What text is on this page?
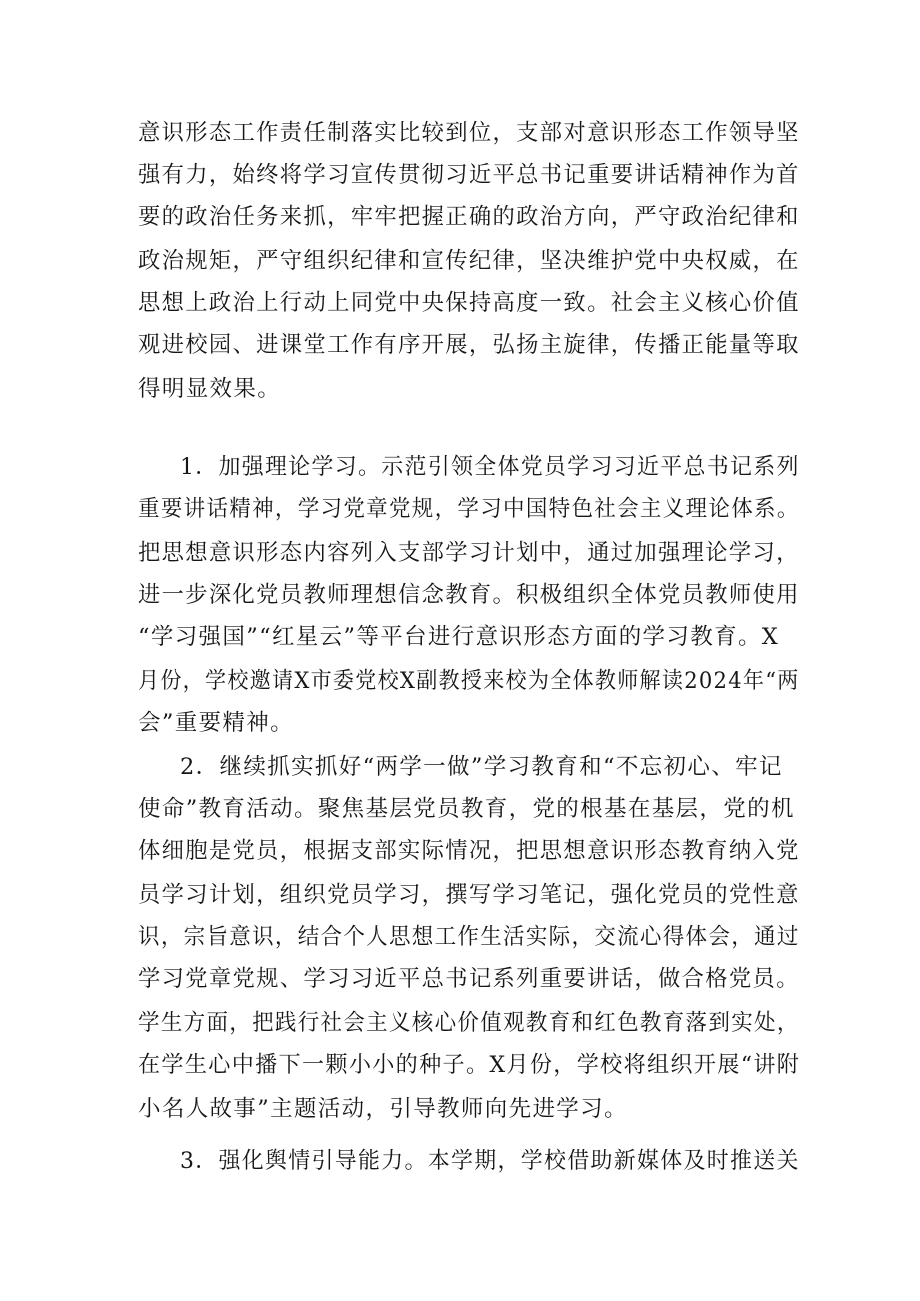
意识形态工作责任制落实比较到位，支部对意识形态工作领导坚
强有力，始终将学习宣传贯彻习近平总书记重要讲话精神作为首
要的政治任务来抓，牢牢把握正确的政治方向，严守政治纪律和
政治规矩，严守组织纪律和宣传纪律，坚决维护党中央权威，在
思想上政治上行动上同党中央保持高度一致。社会主义核心价值
观进校园、进课堂工作有序开展，弘扬主旋律，传播正能量等取
得明显效果。
1．加强理论学习。示范引领全体党员学习习近平总书记系列
重要讲话精神，学习党章党规，学习中国特色社会主义理论体系。
把思想意识形态内容列入支部学习计划中，通过加强理论学习，
进一步深化党员教师理想信念教育。积极组织全体党员教师使用
“学习强国”“红星云”等平台进行意识形态方面的学习教育。X
月份，学校邀请X市委党校X副教授来校为全体教师解读2024年“两
会”重要精神。
2．继续抓实抓好“两学一做”学习教育和“不忘初心、牢记
使命”教育活动。聚焦基层党员教育，党的根基在基层，党的机
体细胞是党员，根据支部实际情况，把思想意识形态教育纳入党
员学习计划，组织党员学习，撰写学习笔记，强化党员的党性意
识，宗旨意识，结合个人思想工作生活实际，交流心得体会，通过
学习党章党规、学习习近平总书记系列重要讲话，做合格党员。
学生方面，把践行社会主义核心价值观教育和红色教育落到实处，
在学生心中播下一颗小小的种子。X月份，学校将组织开展“讲附
小名人故事”主题活动，引导教师向先进学习。
3．强化舆情引导能力。本学期，学校借助新媒体及时推送关
